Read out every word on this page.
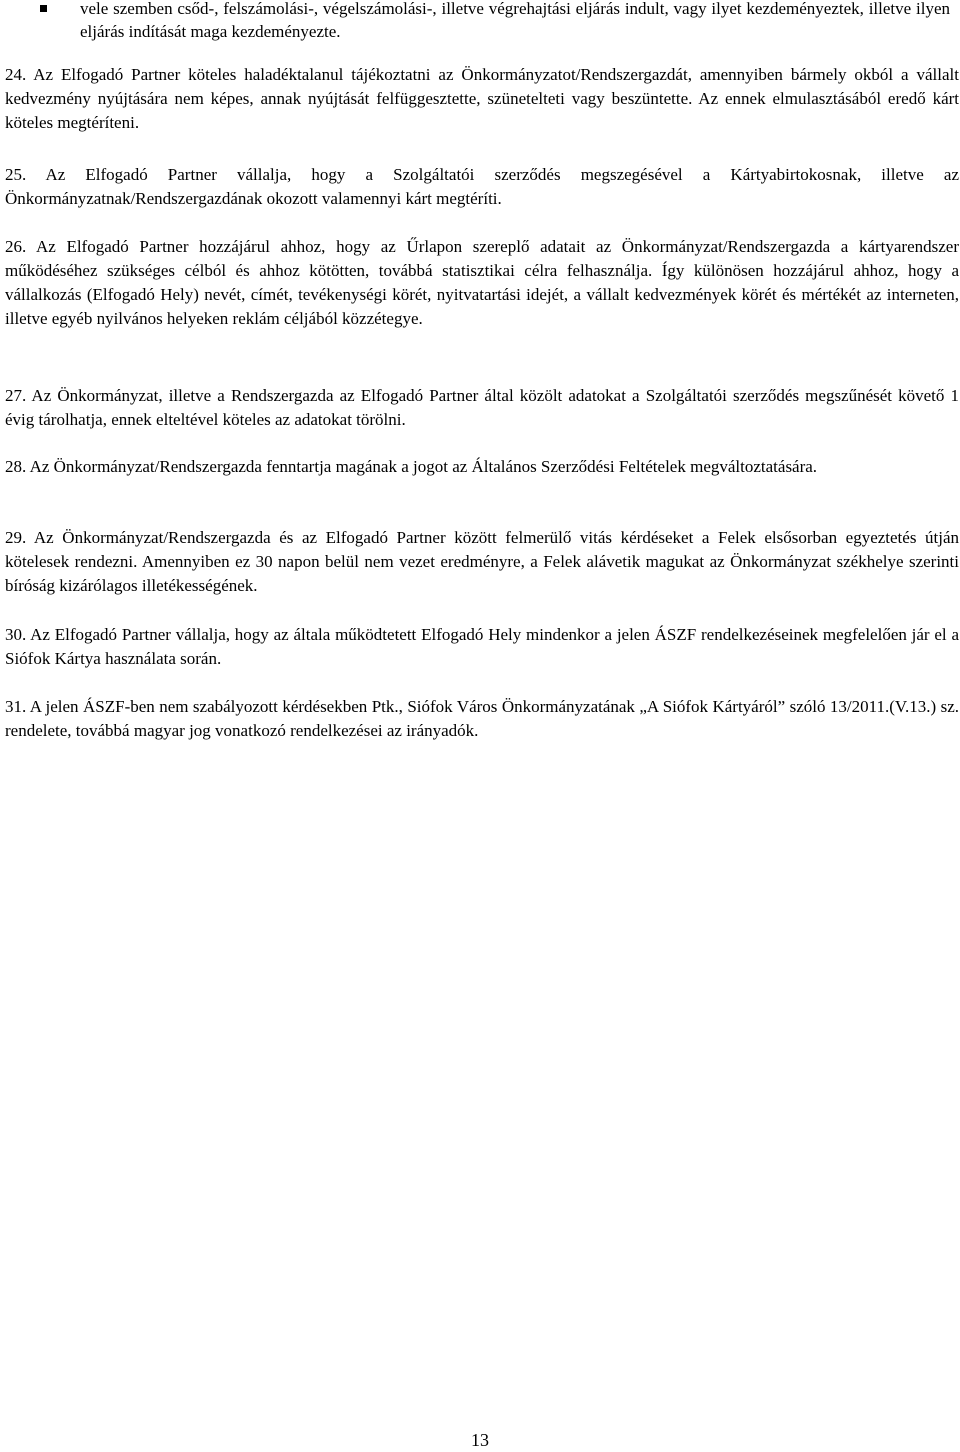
vele szemben csőd-, felszámolási-, végelszámolási-, illetve végrehajtási eljárás indult, vagy ilyet kezdeményeztek, illetve ilyen eljárás indítását maga kezdeményezte.

24. Az Elfogadó Partner köteles haladéktalanul tájékoztatni az Önkormányzatot/Rendszergazdát, amennyiben bármely okból a vállalt kedvezmény nyújtására nem képes, annak nyújtását felfüggesztette, szünetelteti vagy beszüntette. Az ennek elmulasztásából eredő kárt köteles megtéríteni.

25. Az Elfogadó Partner vállalja, hogy a Szolgáltatói szerződés megszegésével a Kártyabirtokosnak, illetve az Önkormányzatnak/Rendszergazdának okozott valamennyi kárt megtéríti.

26. Az Elfogadó Partner hozzájárul ahhoz, hogy az Űrlapon szereplő adatait az Önkormányzat/Rendszergazda a kártyarendszer működéséhez szükséges célból és ahhoz kötötten, továbbá statisztikai célra felhasználja. Így különösen hozzájárul ahhoz, hogy a vállalkozás (Elfogadó Hely) nevét, címét, tevékenységi körét, nyitvatartási idejét, a vállalt kedvezmények körét és mértékét az interneten, illetve egyéb nyilvános helyeken reklám céljából közzétegye.

27. Az Önkormányzat, illetve a Rendszergazda az Elfogadó Partner által közölt adatokat a Szolgáltatói szerződés megszűnését követő 1 évig tárolhatja, ennek elteltével köteles az adatokat törölni.

28. Az Önkormányzat/Rendszergazda fenntartja magának a jogot az Általános Szerződési Feltételek megváltoztatására.

29. Az Önkormányzat/Rendszergazda és az Elfogadó Partner között felmerülő vitás kérdéseket a Felek elsősorban egyeztetés útján kötelesek rendezni. Amennyiben ez 30 napon belül nem vezet eredményre, a Felek alávetik magukat az Önkormányzat székhelye szerinti bíróság kizárólagos illetékességének.

30. Az Elfogadó Partner vállalja, hogy az általa működtetett Elfogadó Hely mindenkor a jelen ÁSZF rendelkezéseinek megfelelően jár el a Siófok Kártya használata során.

31. A jelen ÁSZF-ben nem szabályozott kérdésekben Ptk., Siófok Város Önkormányzatának „A Siófok Kártyáról” szóló 13/2011.(V.13.) sz. rendelete, továbbá magyar jog vonatkozó rendelkezései az irányadók.

13
